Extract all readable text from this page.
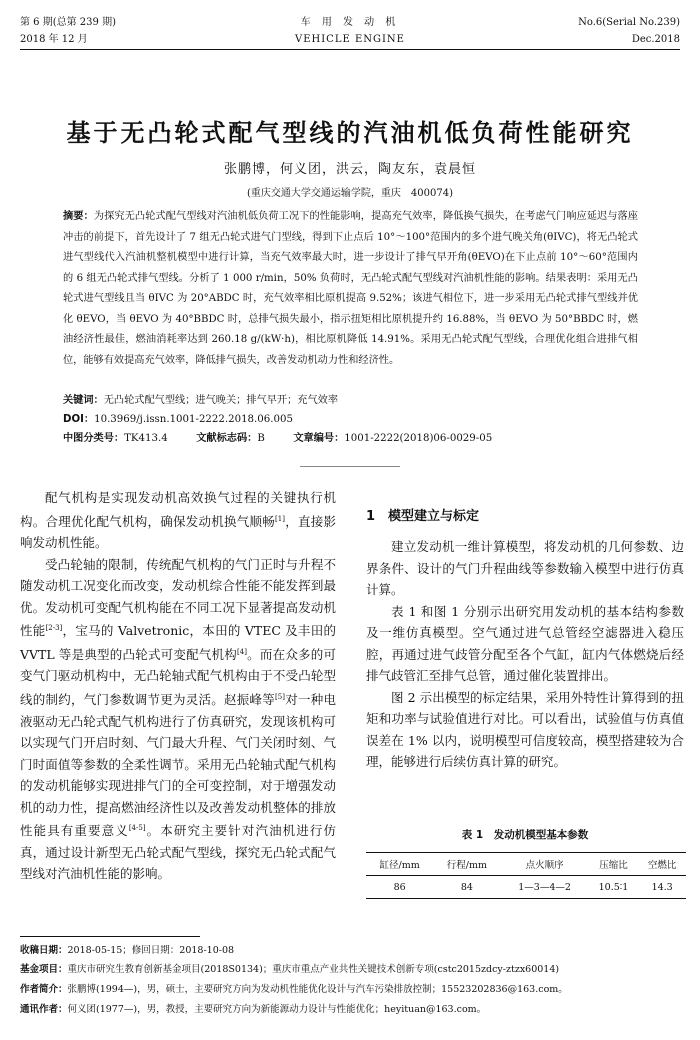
第 6 期(总第 239 期)
2018 年 12 月
车 用 发 动 机
VEHICLE ENGINE
No.6(Serial No.239)
Dec.2018
基于无凸轮式配气型线的汽油机低负荷性能研究
张鹏博，何义团，洪云，陶友东，袁晨恒
(重庆交通大学交通运输学院，重庆　400074)
摘要：为探究无凸轮式配气型线对汽油机低负荷工况下的性能影响，提高充气效率，降低换气损失，在考虑气门响应延迟与落座冲击的前提下，首先设计了 7 组无凸轮式进气门型线，得到下止点后 10°～100°范围内的多个进气晚关角(θIVC)，将无凸轮式进气型线代入汽油机整机模型中进行计算，当充气效率最大时，进一步设计了排气早开角(θEVO)在下止点前 10°～60°范围内的 6 组无凸轮式排气型线。分析了 1 000 r/min，50% 负荷时，无凸轮式配气型线对汽油机性能的影响。结果表明：采用无凸轮式进气型线且当 θIVC 为 20°ABDC 时，充气效率相比原机提高 9.52%；该进气相位下，进一步采用无凸轮式排气型线并优化 θEVO，当 θEVO 为 40°BBDC 时，总排气损失最小，指示扭矩相比原机提升约 16.88%，当 θEVO 为 50°BBDC 时，燃油经济性最佳，燃油消耗率达到 260.18 g/(kW·h)，相比原机降低 14.91%。采用无凸轮式配气型线，合理优化组合进排气相位，能够有效提高充气效率，降低排气损失，改善发动机动力性和经济性。
关键词：无凸轮式配气型线；进气晚关；排气早开；充气效率
DOI：10.3969/j.issn.1001-2222.2018.06.005
中图分类号：TK413.4	文献标志码：B	文章编号：1001-2222(2018)06-0029-05

配气机构是实现发动机高效换气过程的关键执行机构。合理优化配气机构，确保发动机换气顺畅[1]，直接影响发动机性能。

受凸轮轴的限制，传统配气机构的气门正时与升程不随发动机工况变化而改变，发动机综合性能不能发挥到最优。发动机可变配气机构能在不同工况下显著提高发动机性能[2-3]，宝马的 Valvetronic，本田的 VTEC 及丰田的 VVTL 等是典型的凸轮式可变配气机构[4]。而在众多的可变气门驱动机构中，无凸轮轴式配气机构由于不受凸轮型线的制约，气门参数调节更为灵活。赵振峰等[5]对一种电液驱动无凸轮式配气机构进行了仿真研究，发现该机构可以实现气门开启时刻、气门最大升程、气门关闭时刻、气门时面值等参数的全柔性调节。采用无凸轮轴式配气机构的发动机能够实现进排气门的全可变控制，对于增强发动机的动力性，提高燃油经济性以及改善发动机整体的排放性能具有重要意义[4-5]。本研究主要针对汽油机进行仿真，通过设计新型无凸轮式配气型线，探究无凸轮式配气型线对汽油机性能的影响。

1　模型建立与标定

建立发动机一维计算模型，将发动机的几何参数、边界条件、设计的气门升程曲线等参数输入模型中进行仿真计算。

表 1 和图 1 分别示出研究用发动机的基本结构参数及一维仿真模型。空气通过进气总管经空滤器进入稳压腔，再通过进气歧管分配至各个气缸，缸内气体燃烧后经排气歧管汇至排气总管，通过催化装置排出。

图 2 示出模型的标定结果，采用外特性计算得到的扭矩和功率与试验值进行对比。可以看出，试验值与仿真值误差在 1% 以内，说明模型可信度较高，模型搭建较为合理，能够进行后续仿真计算的研究。

表 1　发动机模型基本参数
缸径/mm	行程/mm	点火顺序	压缩比	空燃比
86	84	1—3—4—2	10.5∶1	14.3
收稿日期：2018-05-15；修回日期：2018-10-08
基金项目：重庆市研究生教育创新基金项目(2018S0134)；重庆市重点产业共性关键技术创新专项(cstc2015zdcy-ztzx60014)
作者简介：张鹏博(1994—)，男，硕士，主要研究方向为发动机性能优化设计与汽车污染排放控制；15523202836@163.com。
通讯作者：何义团(1977—)，男，教授，主要研究方向为新能源动力设计与性能优化；heyituan@163.com。
